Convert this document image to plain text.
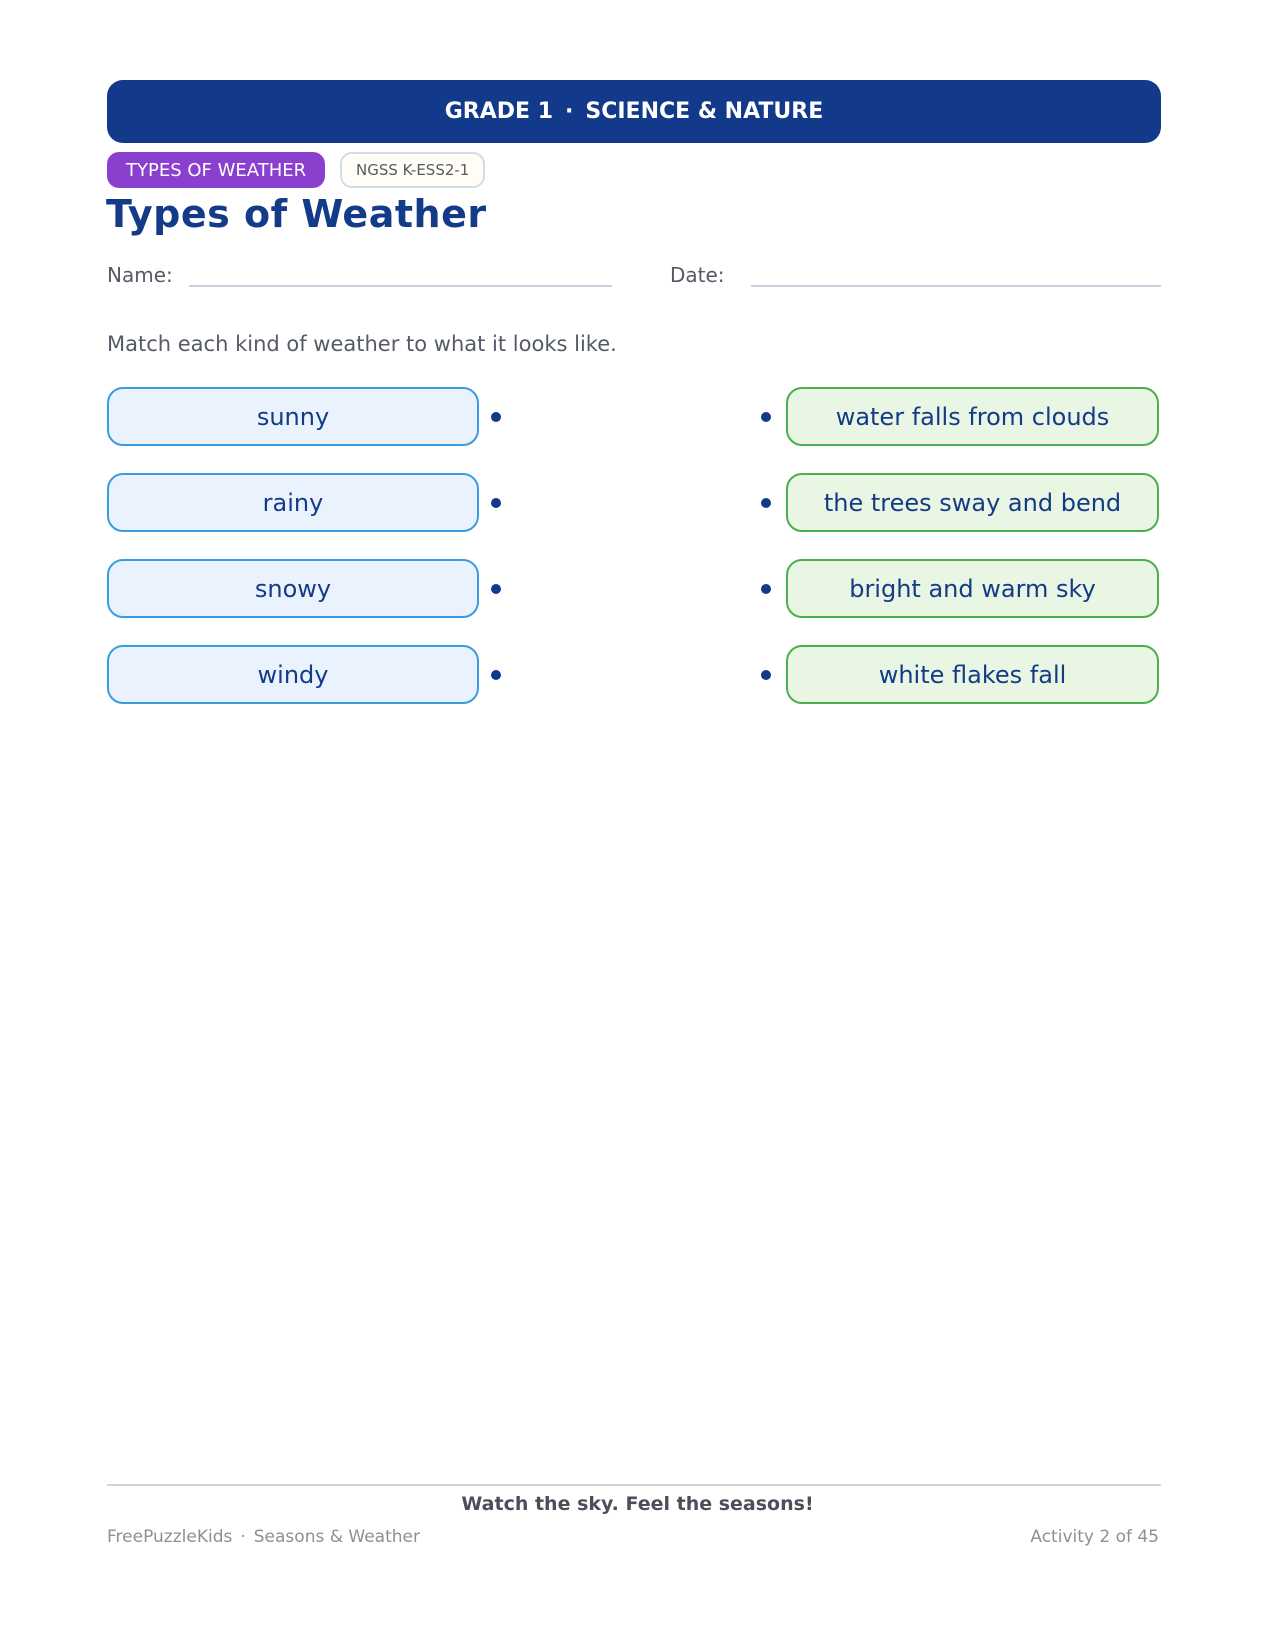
GRADE 1 · SCIENCE & NATURE
TYPES OF WEATHER	NGSS K-ESS2-1
Types of Weather
Name:	Date:
Match each kind of weather to what it looks like.
sunny
rainy
snowy
windy
water falls from clouds
the trees sway and bend
bright and warm sky
white flakes fall
Watch the sky. Feel the seasons!
FreePuzzleKids · Seasons & Weather	Activity 2 of 45
